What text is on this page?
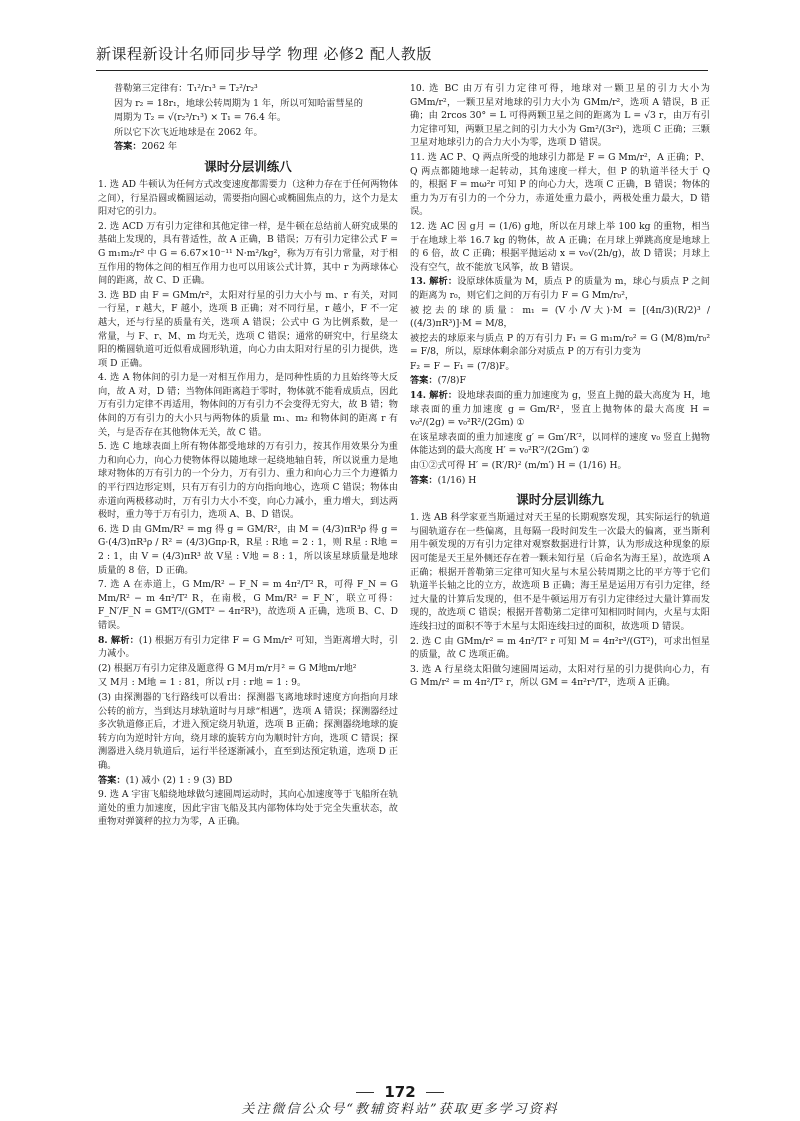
新课程新设计名师同步导学 物理 必修2 配人教版

普勒第三定律有：T₁²/r₁³ = T₂²/r₂³

因为 r₂ = 18r₁，地球公转周期为 1 年，所以可知哈雷彗星的

周期为 T₂ = √(r₂³/r₁³) × T₁ = 76.4 年。

所以它下次飞近地球是在 2062 年。

答案：2062 年

课时分层训练八

1. 选 AD 牛顿认为任何方式改变速度都需要力（这种力存在于任何两物体之间），行星沿圆或椭圆运动，需要指向圆心或椭圆焦点的力，这个力是太阳对它的引力。

2. 选 ACD 万有引力定律和其他定律一样，是牛顿在总结前人研究成果的基础上发现的，具有普适性，故 A 正确，B 错误；万有引力定律公式 F = G m₁m₂/r² 中 G = 6.67×10⁻¹¹ N·m²/kg²，称为万有引力常量，对于相互作用的物体之间的相互作用力也可以用该公式计算，其中 r 为两球体心间的距离，故 C、D 正确。

3. 选 BD 由 F = GMm/r²，太阳对行星的引力大小与 m、r 有关，对同一行星，r 越大，F 越小，选项 B 正确；对不同行星，r 越小，F 不一定越大，还与行星的质量有关，选项 A 错误；公式中 G 为比例系数，是一常量，与 F、r、M、m 均无关，选项 C 错误；通常的研究中，行星绕太阳的椭圆轨道可近似看成圆形轨道，向心力由太阳对行星的引力提供，选项 D 正确。

4. 选 A 物体间的引力是一对相互作用力，是同种性质的力且始终等大反向，故 A 对，D 错；当物体间距离趋于零时，物体就不能看成质点，因此万有引力定律不再适用，物体间的万有引力不会变得无穷大，故 B 错；物体间的万有引力的大小只与两物体的质量 m₁、m₂ 和物体间的距离 r 有关，与是否存在其他物体无关，故 C 错。

5. 选 C 地球表面上所有物体都受地球的万有引力，按其作用效果分为重力和向心力，向心力使物体得以随地球一起绕地轴自转，所以说重力是地球对物体的万有引力的一个分力，万有引力、重力和向心力三个力遵循力的平行四边形定则，只有万有引力的方向指向地心，选项 C 错误；物体由赤道向两极移动时，万有引力大小不变，向心力减小，重力增大，到达两极时，重力等于万有引力，选项 A、B、D 错误。

6. 选 D 由 GMm/R² = mg 得 g = GM/R²，由 M = (4/3)πR³ρ 得 g = G·(4/3)πR³ρ / R² = (4/3)Gπρ·R，R星 : R地 = 2 : 1，则 R星 : R地 = 2 : 1，由 V = (4/3)πR³ 故 V星 : V地 = 8 : 1，所以该星球质量是地球质量的 8 倍，D 正确。

7. 选 A 在赤道上，G Mm/R² − F_N = m 4π²/T² R，可得 F_N = G Mm/R² − m 4π²/T² R，在南极，G Mm/R² = F_N′，联立可得：F_N′/F_N = GMT²/(GMT² − 4π²R³)，故选项 A 正确，选项 B、C、D 错误。

8. 解析：(1) 根据万有引力定律 F = G Mm/r² 可知，当距离增大时，引力减小。

(2) 根据万有引力定律及题意得 G M月m/r月² = G M地m/r地²

又 M月 : M地 = 1 : 81，所以 r月 : r地 = 1 : 9。

(3) 由探测器的飞行路线可以看出：探测器飞离地球时速度方向指向月球公转的前方，当到达月球轨道时与月球“相遇”，选项 A 错误；探测器经过多次轨道修正后，才进入预定绕月轨道，选项 B 正确；探测器绕地球的旋转方向为逆时针方向，绕月球的旋转方向为顺时针方向，选项 C 错误；探测器进入绕月轨道后，运行半径逐渐减小，直至到达预定轨道，选项 D 正确。

答案：(1) 减小 (2) 1 : 9 (3) BD

9. 选 A 宇宙飞船绕地球做匀速圆周运动时，其向心加速度等于飞船所在轨道处的重力加速度，因此宇宙飞船及其内部物体均处于完全失重状态，故重物对弹簧秤的拉力为零，A 正确。

10. 选 BC 由万有引力定律可得，地球对一颗卫星的引力大小为 GMm/r²，一颗卫星对地球的引力大小为 GMm/r²，选项 A 错误，B 正确；由 2rcos 30° = L 可得两颗卫星之间的距离为 L = √3 r，由万有引力定律可知，两颗卫星之间的引力大小为 Gm²/(3r²)，选项 C 正确；三颗卫星对地球引力的合力大小为零，选项 D 错误。

11. 选 AC P、Q 两点所受的地球引力都是 F = G Mm/r²，A 正确；P、Q 两点都随地球一起转动，其角速度一样大，但 P 的轨道半径大于 Q 的，根据 F = mω²r 可知 P 的向心力大，选项 C 正确，B 错误；物体的重力为万有引力的一个分力，赤道处重力最小，两极处重力最大，D 错误。

12. 选 AC 因 g月 = (1/6) g地，所以在月球上举 100 kg 的重物，相当于在地球上举 16.7 kg 的物体，故 A 正确；在月球上弹跳高度是地球上的 6 倍，故 C 正确；根据平抛运动 x = v₀√(2h/g)，故 D 错误；月球上没有空气，故不能放飞风筝，故 B 错误。

13. 解析：设原球体质量为 M，质点 P 的质量为 m，球心与质点 P 之间的距离为 r₀，则它们之间的万有引力 F = G Mm/r₀²，

被挖去的球的质量：m₁ = (V小/V大)·M = [(4π/3)(R/2)³ / ((4/3)πR³)]·M = M/8，

被挖去的球原来与质点 P 的万有引力 F₁ = G m₁m/r₀² = G (M/8)m/r₀² = F/8，所以，原球体剩余部分对质点 P 的万有引力变为

F₂ = F − F₁ = (7/8)F。

答案：(7/8)F

14. 解析：设地球表面的重力加速度为 g，竖直上抛的最大高度为 H，地球表面的重力加速度 g = Gm/R²，竖直上抛物体的最大高度 H = v₀²/(2g) = v₀²R²/(2Gm) ①

在该星球表面的重力加速度 g′ = Gm′/R′²，以同样的速度 v₀ 竖直上抛物体能达到的最大高度 H′ = v₀²R′²/(2Gm′) ②

由①②式可得 H′ = (R′/R)² (m/m′) H = (1/16) H。

答案：(1/16) H

课时分层训练九

1. 选 AB 科学家亚当斯通过对天王星的长期观察发现，其实际运行的轨道与圆轨道存在一些偏离，且每隔一段时间发生一次最大的偏离，亚当斯利用牛顿发现的万有引力定律对观察数据进行计算，认为形成这种现象的原因可能是天王星外侧还存在着一颗未知行星（后命名为海王星），故选项 A 正确；根据开普勒第三定律可知火星与木星公转周期之比的平方等于它们轨道半长轴之比的立方，故选项 B 正确；海王星是运用万有引力定律，经过大量的计算后发现的，但不是牛顿运用万有引力定律经过大量计算而发现的，故选项 C 错误；根据开普勒第二定律可知相同时间内，火星与太阳连线扫过的面积不等于木星与太阳连线扫过的面积，故选项 D 错误。

2. 选 C 由 GMm/r² = m 4π²/T² r 可知 M = 4π²r³/(GT²)，可求出恒星的质量，故 C 选项正确。

3. 选 A 行星绕太阳做匀速圆周运动，太阳对行星的引力提供向心力，有 G Mm/r² = m 4π²/T² r，所以 GM = 4π²r³/T²，选项 A 正确。

172
关注微信公众号“教辅资料站”获取更多学习资料
